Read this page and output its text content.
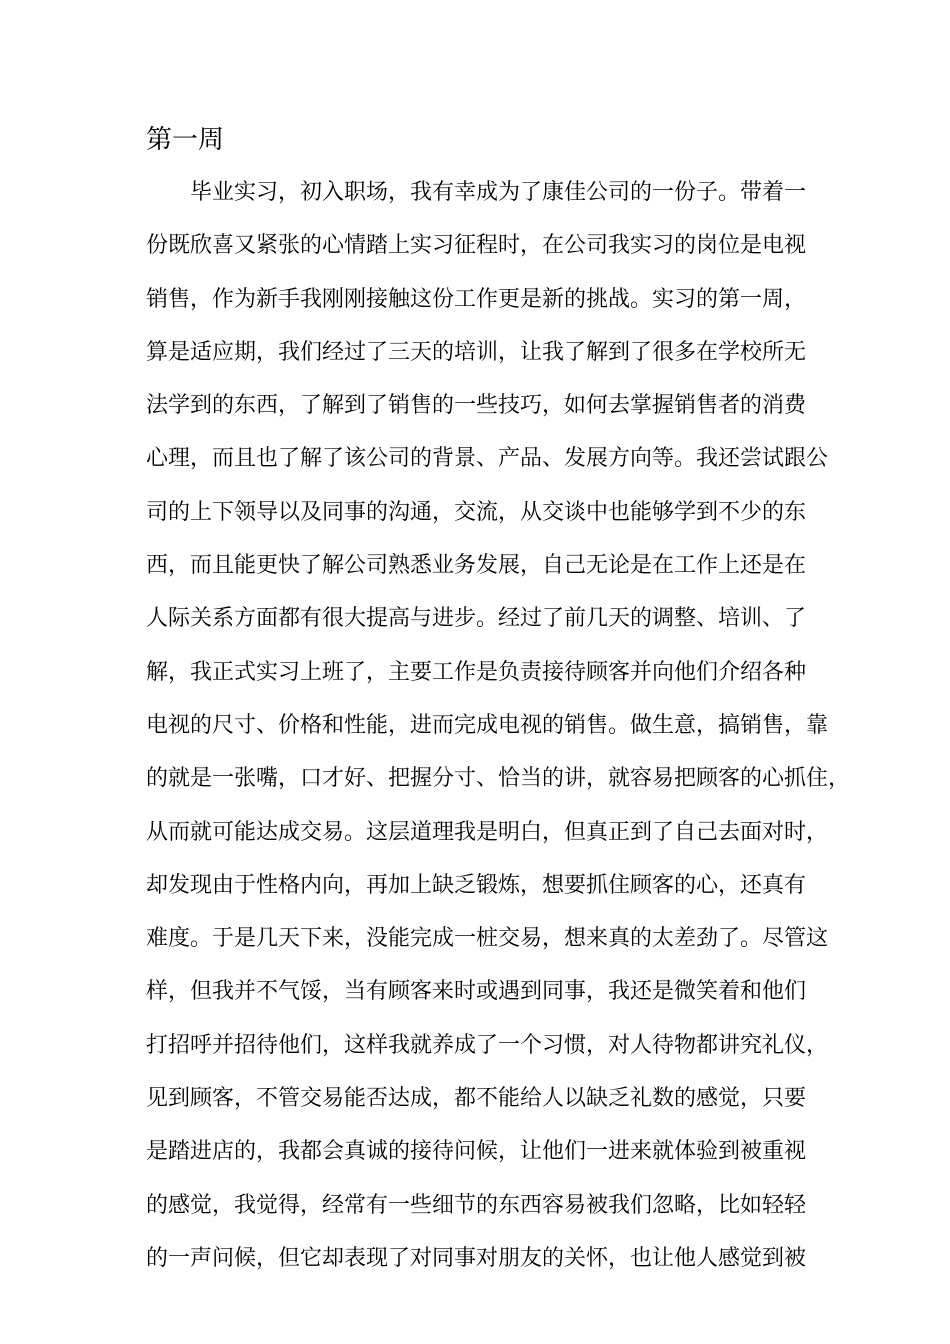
第一周
毕业实习，初入职场，我有幸成为了康佳公司的一份子。带着一
份既欣喜又紧张的心情踏上实习征程时，在公司我实习的岗位是电视
销售，作为新手我刚刚接触这份工作更是新的挑战。实习的第一周，
算是适应期，我们经过了三天的培训，让我了解到了很多在学校所无
法学到的东西，了解到了销售的一些技巧，如何去掌握销售者的消费
心理，而且也了解了该公司的背景、产品、发展方向等。我还尝试跟公
司的上下领导以及同事的沟通，交流，从交谈中也能够学到不少的东
西，而且能更快了解公司熟悉业务发展，自己无论是在工作上还是在
人际关系方面都有很大提高与进步。经过了前几天的调整、培训、了
解，我正式实习上班了，主要工作是负责接待顾客并向他们介绍各种
电视的尺寸、价格和性能，进而完成电视的销售。做生意，搞销售，靠
的就是一张嘴，口才好、把握分寸、恰当的讲，就容易把顾客的心抓住，
从而就可能达成交易。这层道理我是明白，但真正到了自己去面对时，
却发现由于性格内向，再加上缺乏锻炼，想要抓住顾客的心，还真有
难度。于是几天下来，没能完成一桩交易，想来真的太差劲了。尽管这
样，但我并不气馁，当有顾客来时或遇到同事，我还是微笑着和他们
打招呼并招待他们，这样我就养成了一个习惯，对人待物都讲究礼仪，
见到顾客，不管交易能否达成，都不能给人以缺乏礼数的感觉，只要
是踏进店的，我都会真诚的接待问候，让他们一进来就体验到被重视
的感觉，我觉得，经常有一些细节的东西容易被我们忽略，比如轻轻
的一声问候，但它却表现了对同事对朋友的关怀，也让他人感觉到被
